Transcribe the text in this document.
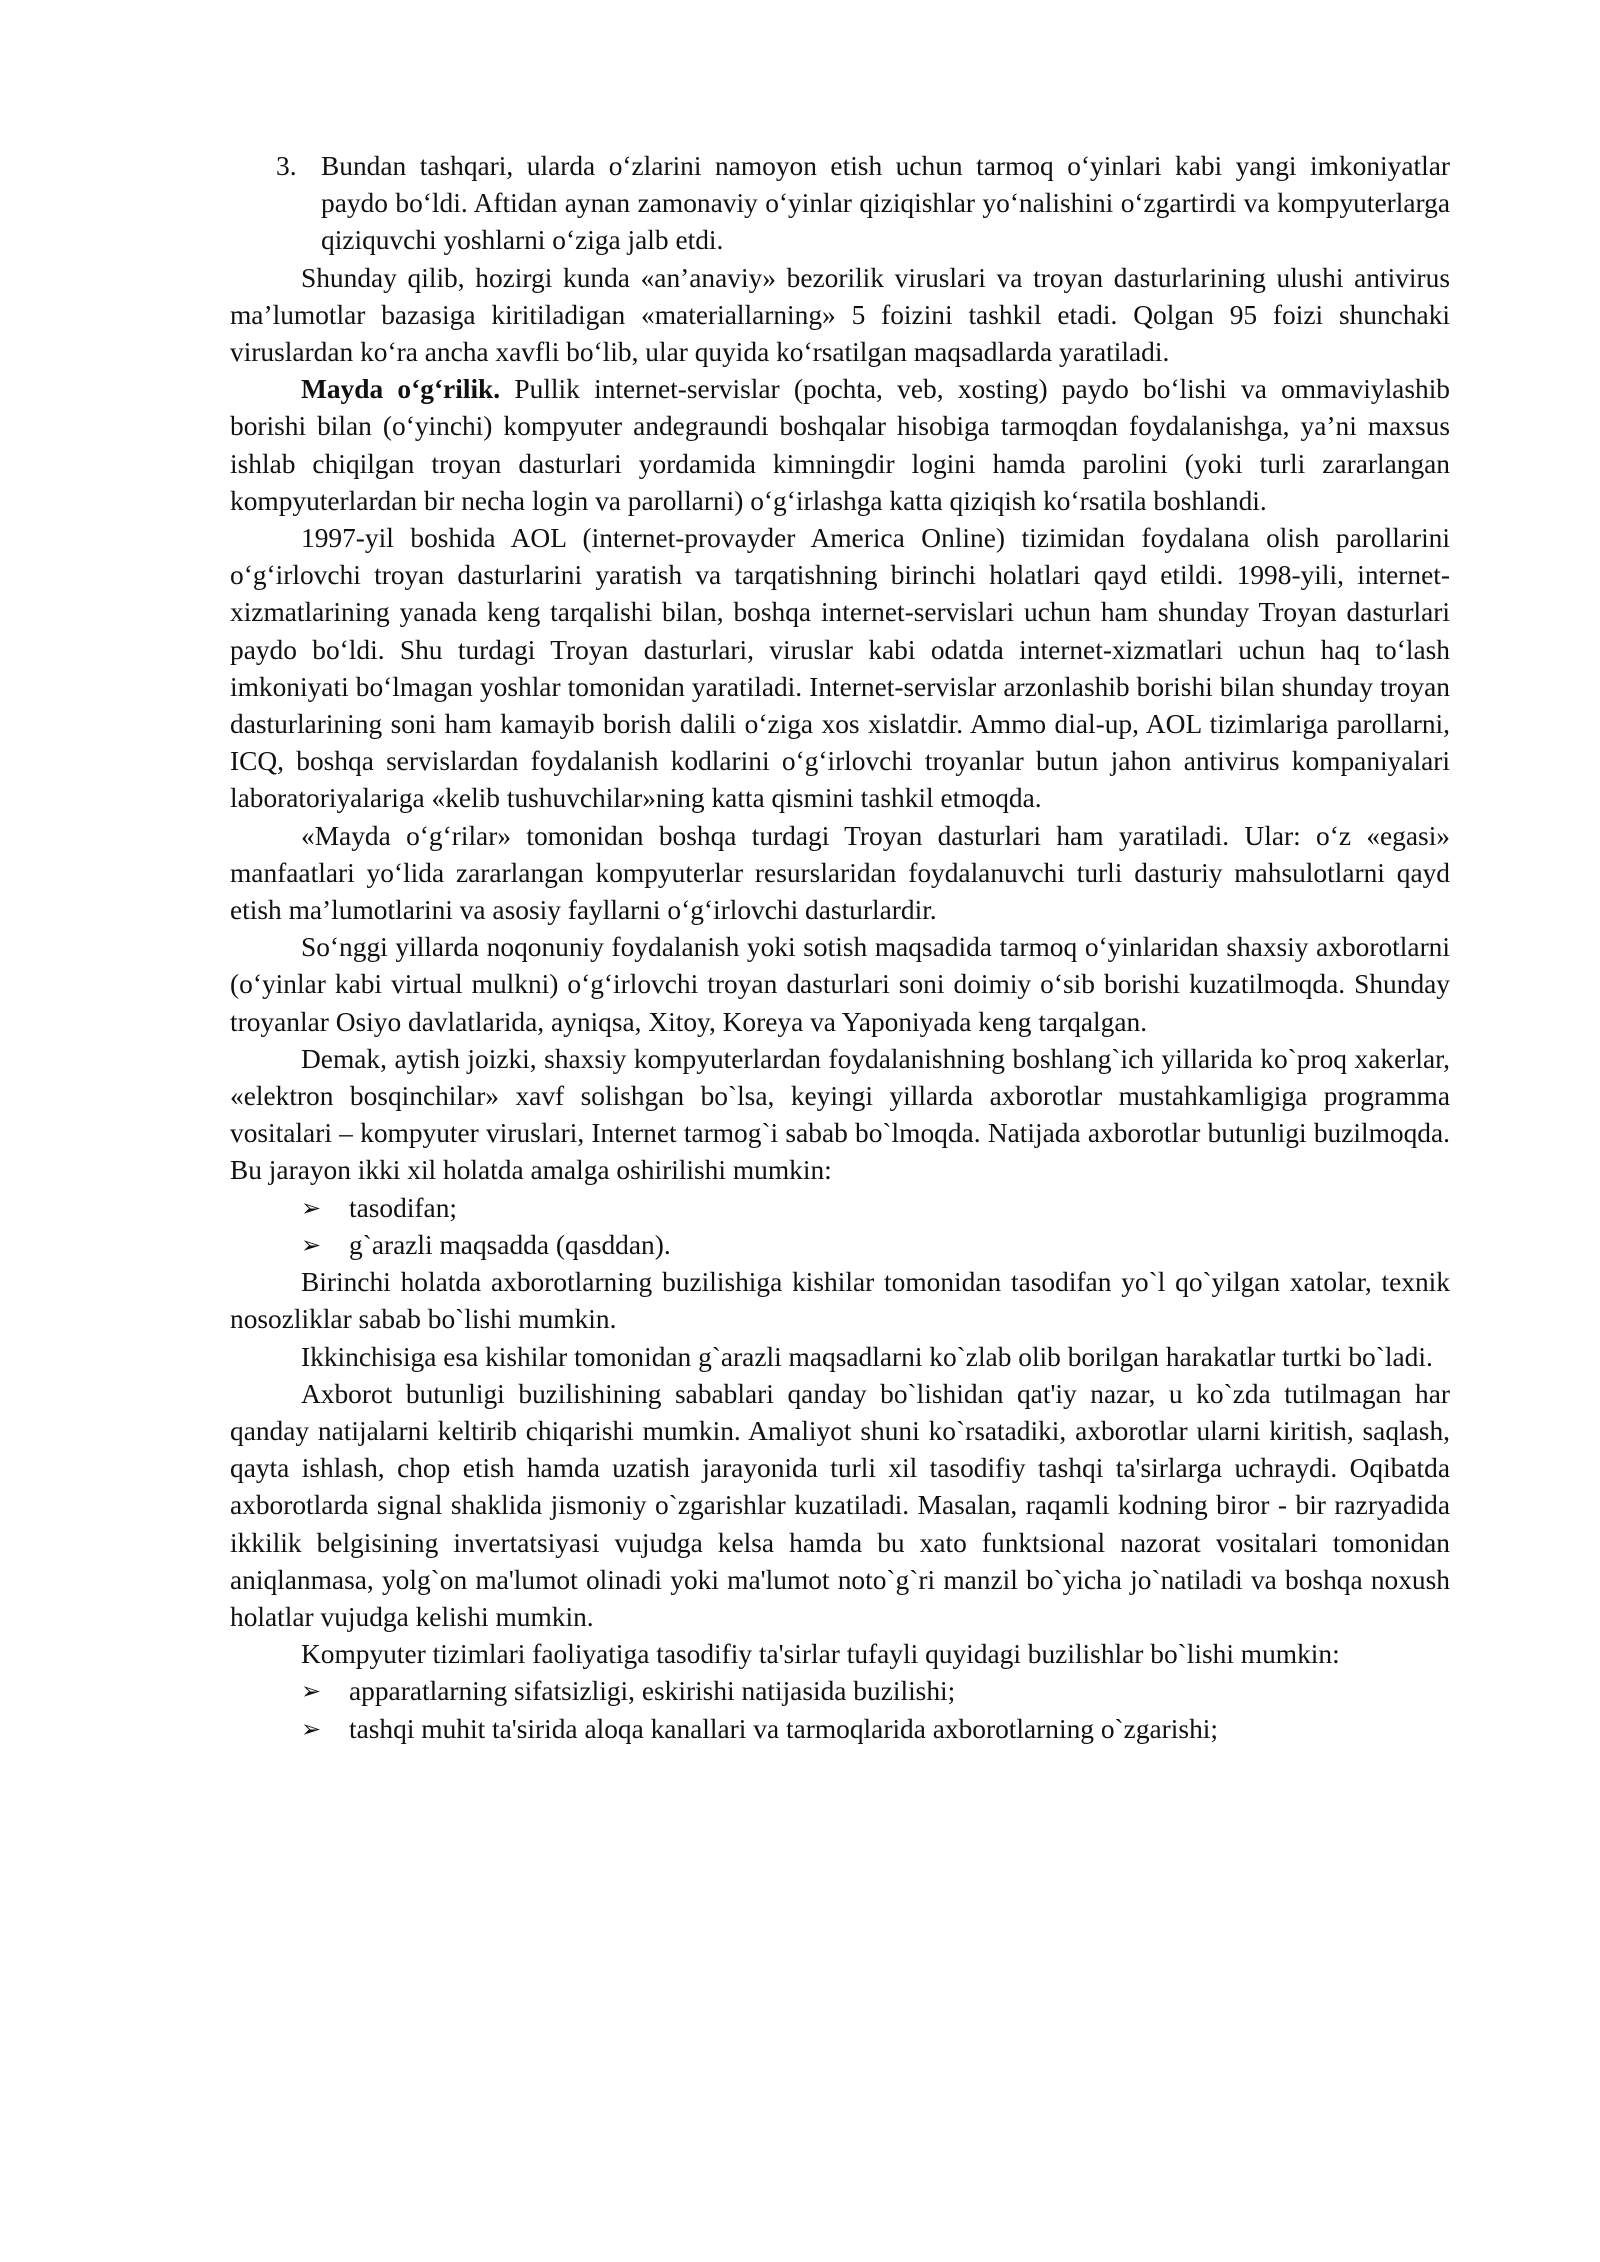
3. Bundan tashqari, ularda o‘zlarini namoyon etish uchun tarmoq o‘yinlari kabi yangi imkoniyatlar paydo bo‘ldi. Aftidan aynan zamonaviy o‘yinlar qiziqishlar yo‘nalishini o‘zgartirdi va kompyuterlarga qiziquvchi yoshlarni o‘ziga jalb etdi.

Shunday qilib, hozirgi kunda «an’anaviy» bezorilik viruslari va troyan dasturlarining ulushi antivirus ma’lumotlar bazasiga kiritiladigan «materiallarning» 5 foizini tashkil etadi. Qolgan 95 foizi shunchaki viruslardan ko‘ra ancha xavfli bo‘lib, ular quyida ko‘rsatilgan maqsadlarda yaratiladi.

Mayda o‘g‘rilik. Pullik internet-servislar (pochta, veb, xosting) paydo bo‘lishi va ommaviylashib borishi bilan (o‘yinchi) kompyuter andegraundi boshqalar hisobiga tarmoqdan foydalanishga, ya’ni maxsus ishlab chiqilgan troyan dasturlari yordamida kimningdir logini hamda parolini (yoki turli zararlangan kompyuterlardan bir necha login va parollarni) o‘g‘irlashga katta qiziqish ko‘rsatila boshlandi.

1997-yil boshida AOL (internet-provayder America Online) tizimidan foydalana olish parollarini o‘g‘irlovchi troyan dasturlarini yaratish va tarqatishning birinchi holatlari qayd etildi. 1998-yili, internet-xizmatlarining yanada keng tarqalishi bilan, boshqa internet-servislari uchun ham shunday Troyan dasturlari paydo bo‘ldi. Shu turdagi Troyan dasturlari, viruslar kabi odatda internet-xizmatlari uchun haq to‘lash imkoniyati bo‘lmagan yoshlar tomonidan yaratiladi. Internet-servislar arzonlashib borishi bilan shunday troyan dasturlarining soni ham kamayib borish dalili o‘ziga xos xislatdir. Ammo dial-up, AOL tizimlariga parollarni, ICQ, boshqa servislardan foydalanish kodlarini o‘g‘irlovchi troyanlar butun jahon antivirus kompaniyalari laboratoriyalariga «kelib tushuvchilar»ning katta qismini tashkil etmoqda.

«Mayda o‘g‘rilar» tomonidan boshqa turdagi Troyan dasturlari ham yaratiladi. Ular: o‘z «egasi» manfaatlari yo‘lida zararlangan kompyuterlar resurslaridan foydalanuvchi turli dasturiy mahsulotlarni qayd etish ma’lumotlarini va asosiy fayllarni o‘g‘irlovchi dasturlardir.

So‘nggi yillarda noqonuniy foydalanish yoki sotish maqsadida tarmoq o‘yinlaridan shaxsiy axborotlarni (o‘yinlar kabi virtual mulkni) o‘g‘irlovchi troyan dasturlari soni doimiy o‘sib borishi kuzatilmoqda. Shunday troyanlar Osiyo davlatlarida, ayniqsa, Xitoy, Koreya va Yaponiyada keng tarqalgan.

Demak, aytish joizki, shaxsiy kompyuterlardan foydalanishning boshlang`ich yillarida ko`proq xakerlar, «elektron bosqinchilar» xavf solishgan bo`lsa, keyingi yillarda axborotlar mustahkamligiga programma vositalari – kompyuter viruslari, Internet tarmog`i sabab bo`lmoqda. Natijada axborotlar butunligi buzilmoqda. Bu jarayon ikki xil holatda amalga oshirilishi mumkin:

➢	tasodifan;
➢	g`arazli maqsadda (qasddan).

Birinchi holatda axborotlarning buzilishiga kishilar tomonidan tasodifan yo`l qo`yilgan xatolar, texnik nosozliklar sabab bo`lishi mumkin.

Ikkinchisiga esa kishilar tomonidan g`arazli maqsadlarni ko`zlab olib borilgan harakatlar turtki bo`ladi.

Axborot butunligi buzilishining sabablari qanday bo`lishidan qat'iy nazar, u ko`zda tutilmagan har qanday natijalarni keltirib chiqarishi mumkin. Amaliyot shuni ko`rsatadiki, axborotlar ularni kiritish, saqlash, qayta ishlash, chop etish hamda uzatish jarayonida turli xil tasodifiy tashqi ta'sirlarga uchraydi. Oqibatda axborotlarda signal shaklida jismoniy o`zgarishlar kuzatiladi. Masalan, raqamli kodning biror - bir razryadida ikkilik belgisining invertatsiyasi vujudga kelsa hamda bu xato funktsional nazorat vositalari tomonidan aniqlanmasa, yolg`on ma'lumot olinadi yoki ma'lumot noto`g`ri manzil bo`yicha jo`natiladi va boshqa noxush holatlar vujudga kelishi mumkin.

Kompyuter tizimlari faoliyatiga tasodifiy ta'sirlar tufayli quyidagi buzilishlar bo`lishi mumkin:

➢	apparatlarning sifatsizligi, eskirishi natijasida buzilishi;
➢	tashqi muhit ta'sirida aloqa kanallari va tarmoqlarida axborotlarning o`zgarishi;
